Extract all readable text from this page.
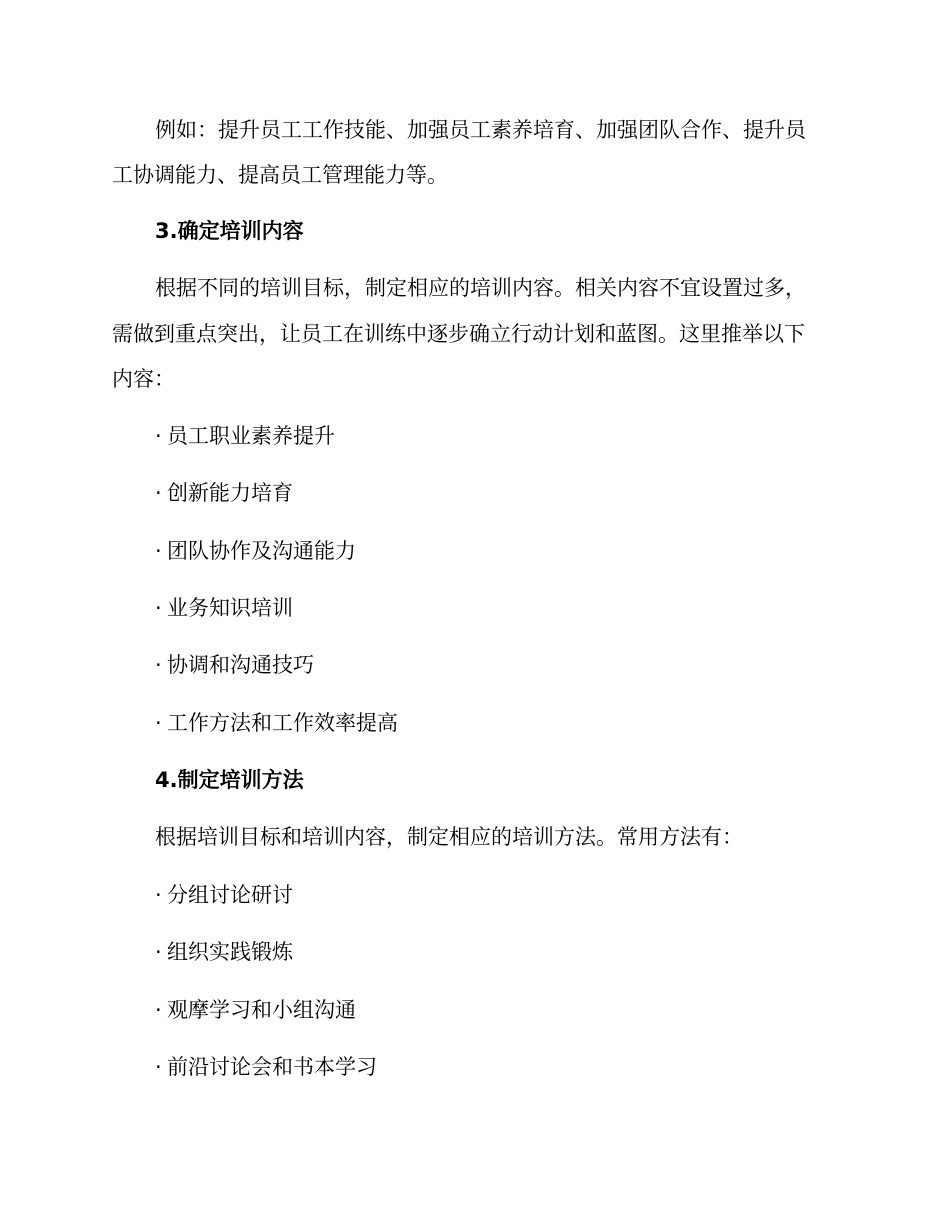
例如：提升员工工作技能、加强员工素养培育、加强团队合作、提升员

工协调能力、提高员工管理能力等。

3.确定培训内容

根据不同的培训目标，制定相应的培训内容。相关内容不宜设置过多，

需做到重点突出，让员工在训练中逐步确立行动计划和蓝图。这里推举以下

内容：

· 员工职业素养提升

· 创新能力培育

· 团队协作及沟通能力

· 业务知识培训

· 协调和沟通技巧

· 工作方法和工作效率提高

4.制定培训方法

根据培训目标和培训内容，制定相应的培训方法。常用方法有：

· 分组讨论研讨

· 组织实践锻炼

· 观摩学习和小组沟通

· 前沿讨论会和书本学习
